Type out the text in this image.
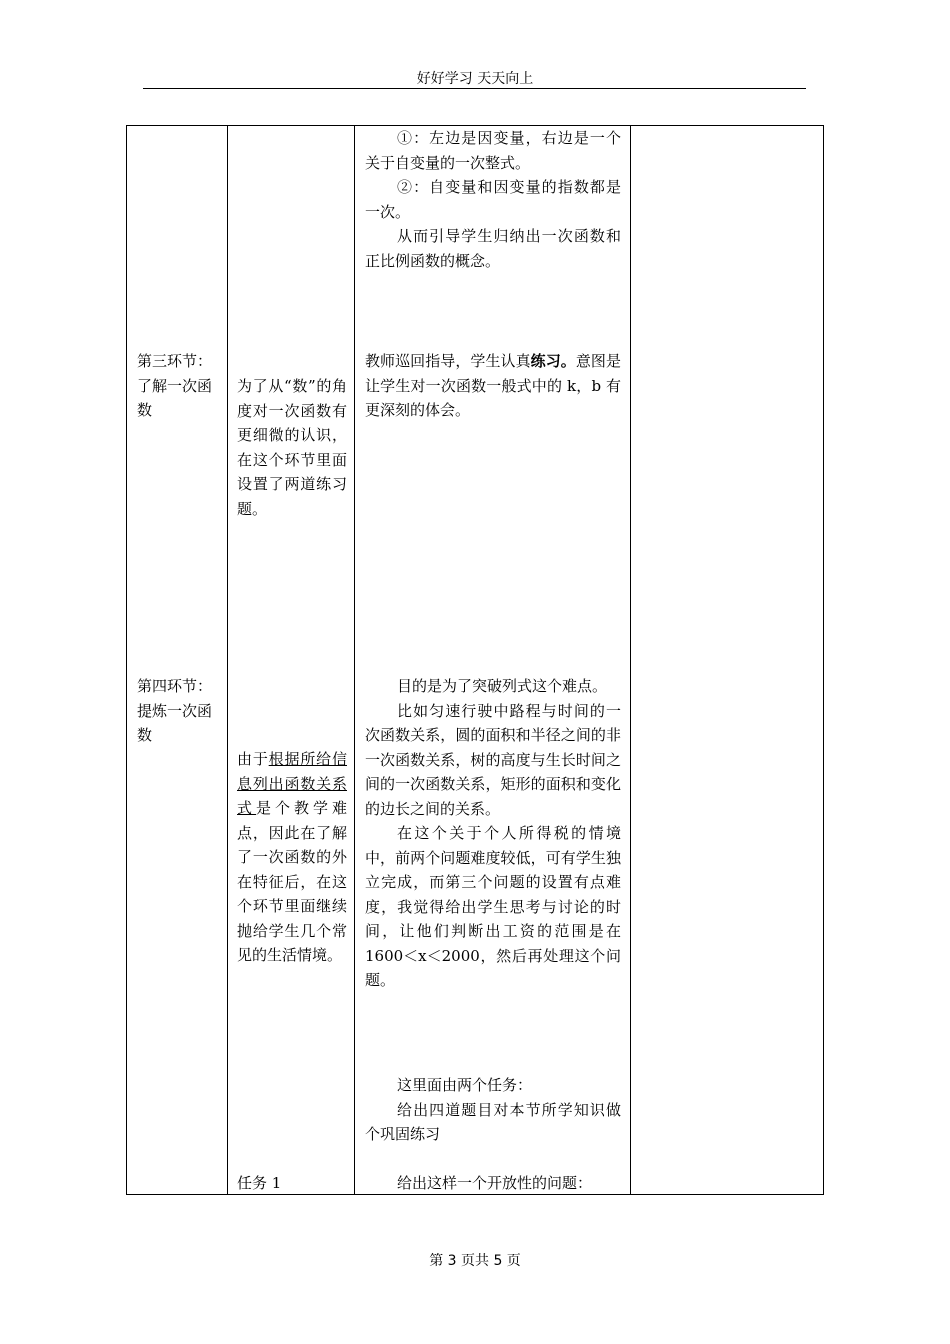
好好学习 天天向上

①：左边是因变量，右边是一个关于自变量的一次整式。

②：自变量和因变量的指数都是一次。

从而引导学生归纳出一次函数和正比例函数的概念。

第三环节：了解一次函数
为了从“数”的角度对一次函数有更细微的认识，在这个环节里面设置了两道练习题。
教师巡回指导，学生认真练习。意图是让学生对一次函数一般式中的 k，b 有更深刻的体会。
第四环节：提炼一次函数
由于根据所给信息列出函数关系式是个教学难点，因此在了解了一次函数的外在特征后，在这个环节里面继续抛给学生几个常见的生活情境。
任务 1

目的是为了突破列式这个难点。

比如匀速行驶中路程与时间的一次函数关系，圆的面积和半径之间的非一次函数关系，树的高度与生长时间之间的一次函数关系，矩形的面积和变化的边长之间的关系。

在这个关于个人所得税的情境中，前两个问题难度较低，可有学生独立完成，而第三个问题的设置有点难度，我觉得给出学生思考与讨论的时间，让他们判断出工资的范围是在 1600＜x＜2000，然后再处理这个问题。

这里面由两个任务：

给出四道题目对本节所学知识做个巩固练习

给出这样一个开放性的问题：

第 3 页共 5 页
